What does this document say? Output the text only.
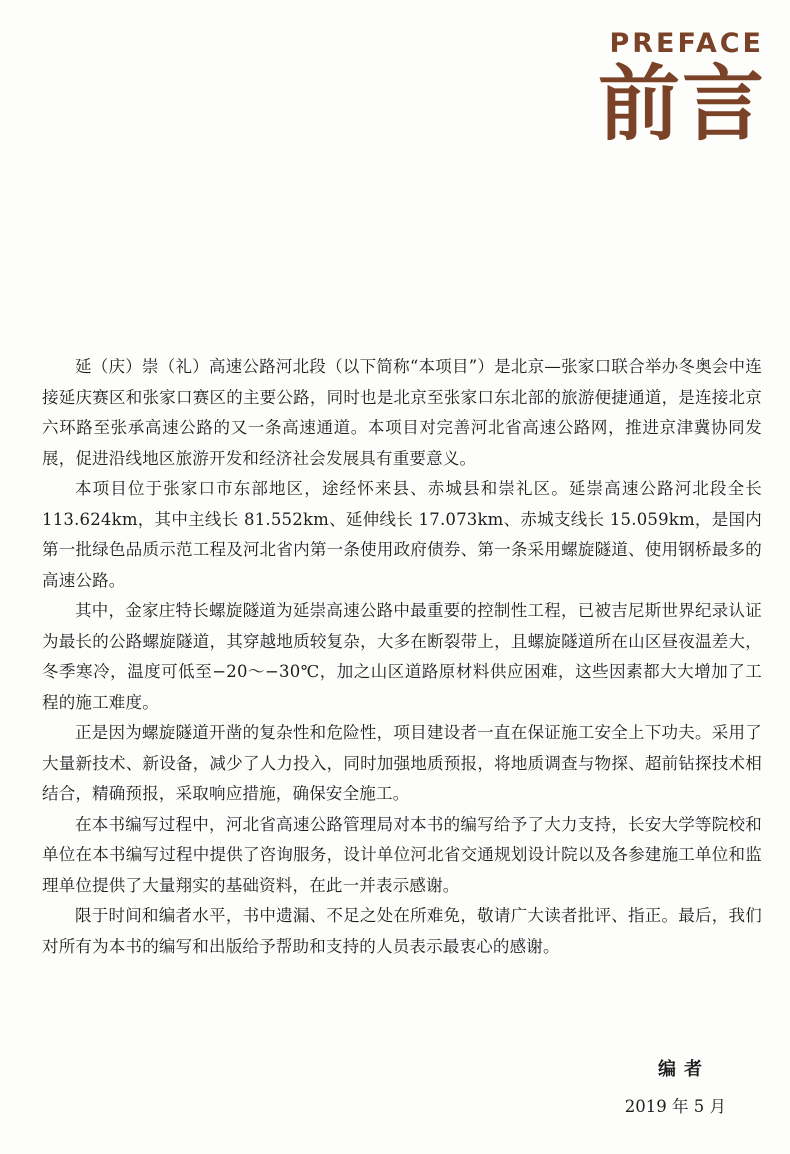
PREFACE
前言

延（庆）崇（礼）高速公路河北段（以下简称“本项目”）是北京—张家口联合举办冬奥会中连接延庆赛区和张家口赛区的主要公路，同时也是北京至张家口东北部的旅游便捷通道，是连接北京六环路至张承高速公路的又一条高速通道。本项目对完善河北省高速公路网，推进京津冀协同发展，促进沿线地区旅游开发和经济社会发展具有重要意义。

本项目位于张家口市东部地区，途经怀来县、赤城县和崇礼区。延崇高速公路河北段全长 113.624km，其中主线长 81.552km、延伸线长 17.073km、赤城支线长 15.059km，是国内第一批绿色品质示范工程及河北省内第一条使用政府债券、第一条采用螺旋隧道、使用钢桥最多的高速公路。

其中，金家庄特长螺旋隧道为延崇高速公路中最重要的控制性工程，已被吉尼斯世界纪录认证为最长的公路螺旋隧道，其穿越地质较复杂，大多在断裂带上，且螺旋隧道所在山区昼夜温差大，冬季寒冷，温度可低至−20～−30℃，加之山区道路原材料供应困难，这些因素都大大增加了工程的施工难度。

正是因为螺旋隧道开凿的复杂性和危险性，项目建设者一直在保证施工安全上下功夫。采用了大量新技术、新设备，减少了人力投入，同时加强地质预报，将地质调查与物探、超前钻探技术相结合，精确预报，采取响应措施，确保安全施工。

在本书编写过程中，河北省高速公路管理局对本书的编写给予了大力支持，长安大学等院校和单位在本书编写过程中提供了咨询服务，设计单位河北省交通规划设计院以及各参建施工单位和监理单位提供了大量翔实的基础资料，在此一并表示感谢。

限于时间和编者水平，书中遗漏、不足之处在所难免，敬请广大读者批评、指正。最后，我们对所有为本书的编写和出版给予帮助和支持的人员表示最衷心的感谢。

编者
2019 年 5 月
